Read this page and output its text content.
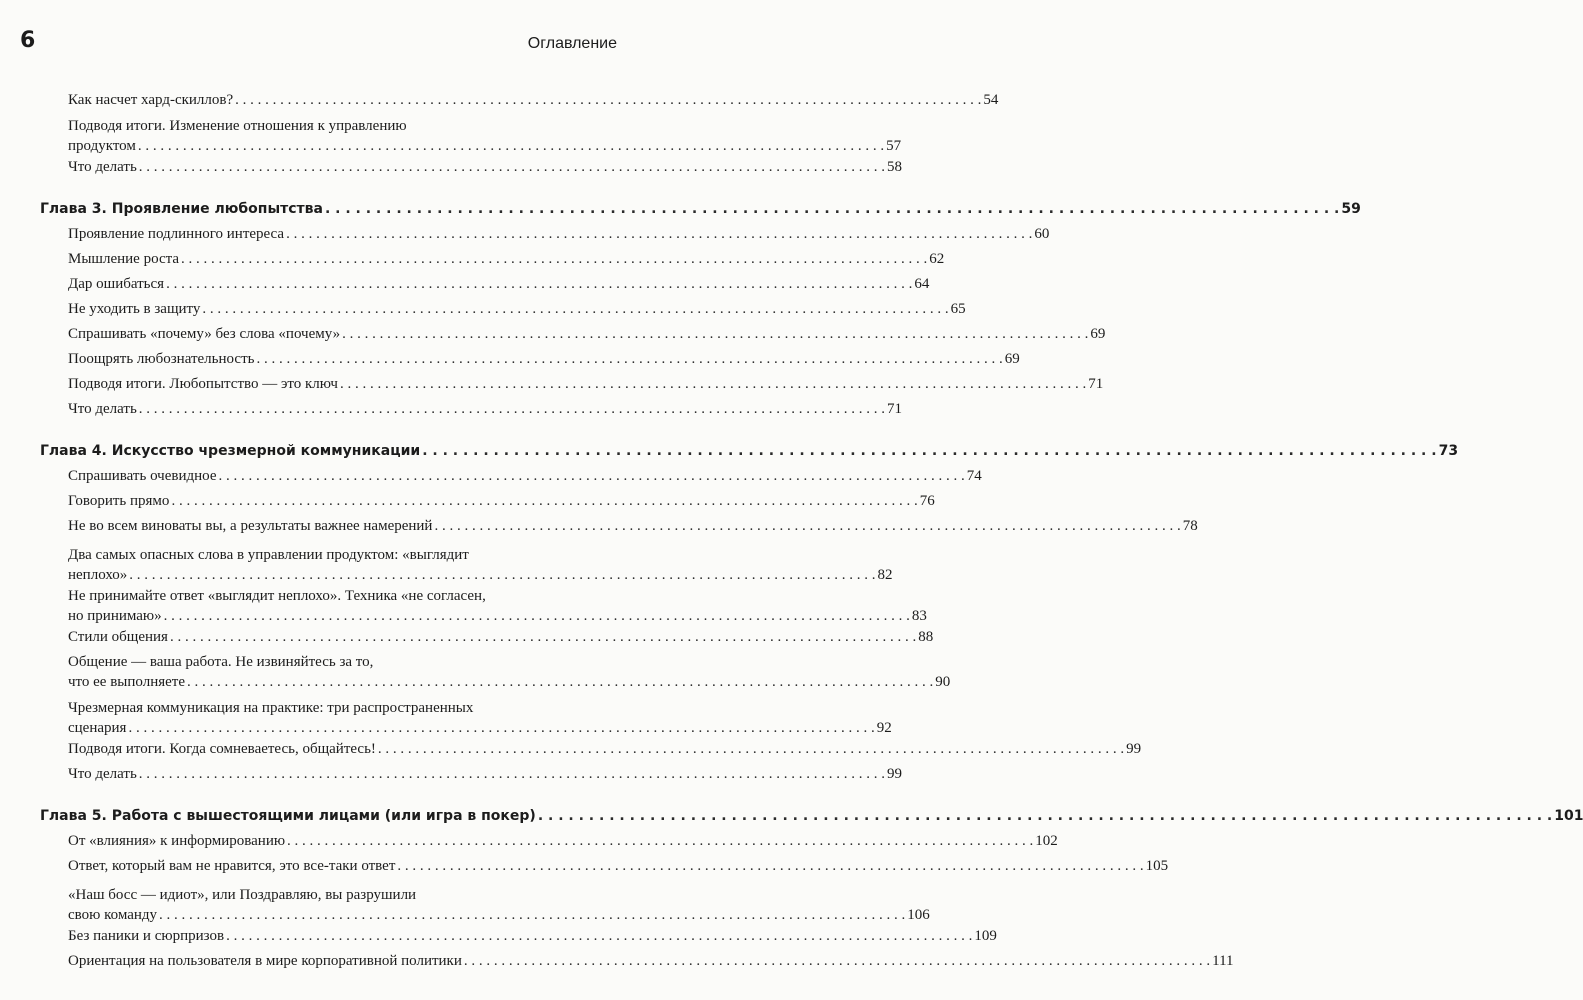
6	Оглавление
Как насчет хард-скиллов? . . .	54
Подводя итоги. Изменение отношения к управлению
продуктом . . .	57
Что делать . . .	58
Глава 3. Проявление любопытства . . .	59
Проявление подлинного интереса . . .	60
Мышление роста . . .	62
Дар ошибаться . . .	64
Не уходить в защиту . . .	65
Спрашивать «почему» без слова «почему» . . .	69
Поощрять любознательность . . .	69
Подводя итоги. Любопытство — это ключ . . .	71
Что делать . . .	71
Глава 4. Искусство чрезмерной коммуникации . . .	73
Спрашивать очевидное . . .	74
Говорить прямо . . .	76
Не во всем виноваты вы, а результаты важнее намерений . . .	78
Два самых опасных слова в управлении продуктом: «выглядит
неплохо» . . .	82
Не принимайте ответ «выглядит неплохо». Техника «не согласен,
но принимаю» . . .	83
Стили общения . . .	88
Общение — ваша работа. Не извиняйтесь за то,
что ее выполняете . . .	90
Чрезмерная коммуникация на практике: три распространенных
сценария . . .	92
Подводя итоги. Когда сомневаетесь, общайтесь! . . .	99
Что делать . . .	99
Глава 5. Работа с вышестоящими лицами (или игра в покер) . . .	101
От «влияния» к информированию . . .	102
Ответ, который вам не нравится, это все-таки ответ . . .	105
«Наш босс — идиот», или Поздравляю, вы разрушили
свою команду . . .	106
Без паники и сюрпризов . . .	109
Ориентация на пользователя в мире корпоративной политики . . .	111
